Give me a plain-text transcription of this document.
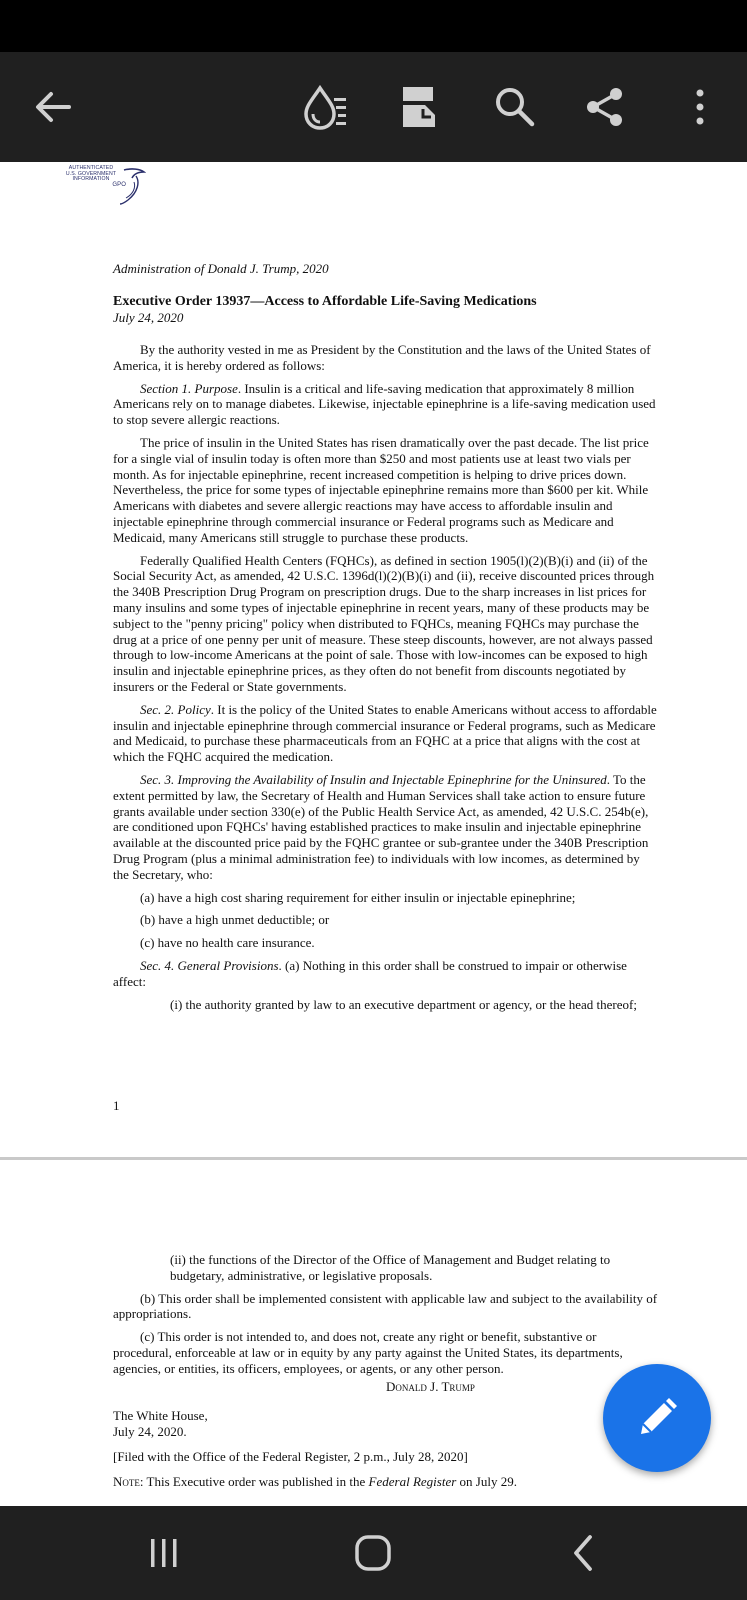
AUTHENTICATED
U.S. GOVERNMENT
INFORMATION
GPO

Administration of Donald J. Trump, 2020

Executive Order 13937—Access to Affordable Life-Saving Medications

July 24, 2020

By the authority vested in me as President by the Constitution and the laws of the United States of America, it is hereby ordered as follows:

Section 1. Purpose. Insulin is a critical and life-saving medication that approximately 8 million Americans rely on to manage diabetes. Likewise, injectable epinephrine is a life-saving medication used to stop severe allergic reactions.

The price of insulin in the United States has risen dramatically over the past decade. The list price for a single vial of insulin today is often more than $250 and most patients use at least two vials per month. As for injectable epinephrine, recent increased competition is helping to drive prices down. Nevertheless, the price for some types of injectable epinephrine remains more than $600 per kit. While Americans with diabetes and severe allergic reactions may have access to affordable insulin and injectable epinephrine through commercial insurance or Federal programs such as Medicare and Medicaid, many Americans still struggle to purchase these products.

Federally Qualified Health Centers (FQHCs), as defined in section 1905(l)(2)(B)(i) and (ii) of the Social Security Act, as amended, 42 U.S.C. 1396d(l)(2)(B)(i) and (ii), receive discounted prices through the 340B Prescription Drug Program on prescription drugs. Due to the sharp increases in list prices for many insulins and some types of injectable epinephrine in recent years, many of these products may be subject to the "penny pricing" policy when distributed to FQHCs, meaning FQHCs may purchase the drug at a price of one penny per unit of measure. These steep discounts, however, are not always passed through to low-income Americans at the point of sale. Those with low-incomes can be exposed to high insulin and injectable epinephrine prices, as they often do not benefit from discounts negotiated by insurers or the Federal or State governments.

Sec. 2. Policy. It is the policy of the United States to enable Americans without access to affordable insulin and injectable epinephrine through commercial insurance or Federal programs, such as Medicare and Medicaid, to purchase these pharmaceuticals from an FQHC at a price that aligns with the cost at which the FQHC acquired the medication.

Sec. 3. Improving the Availability of Insulin and Injectable Epinephrine for the Uninsured. To the extent permitted by law, the Secretary of Health and Human Services shall take action to ensure future grants available under section 330(e) of the Public Health Service Act, as amended, 42 U.S.C. 254b(e), are conditioned upon FQHCs' having established practices to make insulin and injectable epinephrine available at the discounted price paid by the FQHC grantee or sub-grantee under the 340B Prescription Drug Program (plus a minimal administration fee) to individuals with low incomes, as determined by the Secretary, who:

(a) have a high cost sharing requirement for either insulin or injectable epinephrine;

(b) have a high unmet deductible; or

(c) have no health care insurance.

Sec. 4. General Provisions. (a) Nothing in this order shall be construed to impair or otherwise affect:

(i) the authority granted by law to an executive department or agency, or the head thereof;

1

(ii) the functions of the Director of the Office of Management and Budget relating to budgetary, administrative, or legislative proposals.

(b) This order shall be implemented consistent with applicable law and subject to the availability of appropriations.

(c) This order is not intended to, and does not, create any right or benefit, substantive or procedural, enforceable at law or in equity by any party against the United States, its departments, agencies, or entities, its officers, employees, or agents, or any other person.

Donald J. Trump

The White House,

July 24, 2020.

[Filed with the Office of the Federal Register, 2 p.m., July 28, 2020]

Note: This Executive order was published in the Federal Register on July 29.
